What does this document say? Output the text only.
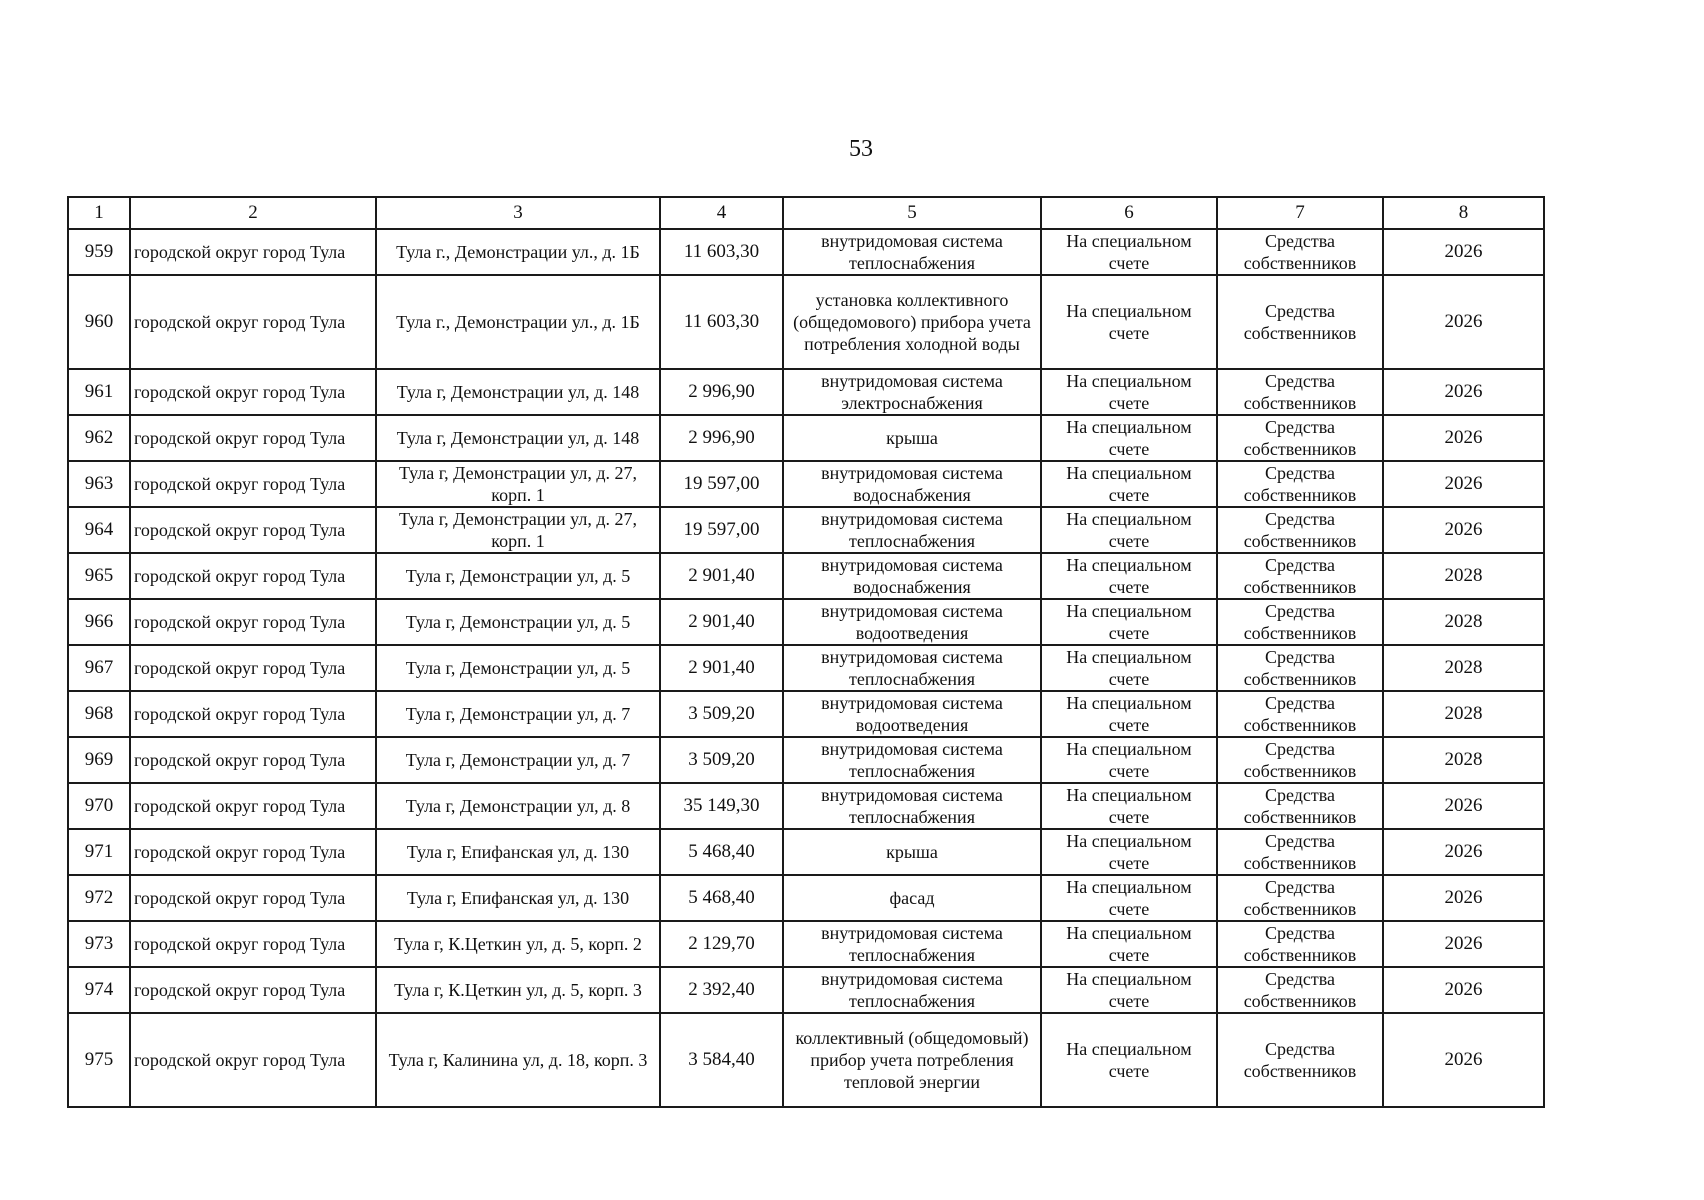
53
1	2	3	4	5	6	7	8
959	городской округ город Тула	Тула г., Демонстрации ул., д. 1Б	11 603,30	внутридомовая система теплоснабжения	На специальном счете	Средства собственников	2026
960	городской округ город Тула	Тула г., Демонстрации ул., д. 1Б	11 603,30	установка коллективного (общедомового) прибора учета потребления холодной воды	На специальном счете	Средства собственников	2026
961	городской округ город Тула	Тула г, Демонстрации ул, д. 148	2 996,90	внутридомовая система электроснабжения	На специальном счете	Средства собственников	2026
962	городской округ город Тула	Тула г, Демонстрации ул, д. 148	2 996,90	крыша	На специальном счете	Средства собственников	2026
963	городской округ город Тула	Тула г, Демонстрации ул, д. 27, корп. 1	19 597,00	внутридомовая система водоснабжения	На специальном счете	Средства собственников	2026
964	городской округ город Тула	Тула г, Демонстрации ул, д. 27, корп. 1	19 597,00	внутридомовая система теплоснабжения	На специальном счете	Средства собственников	2026
965	городской округ город Тула	Тула г, Демонстрации ул, д. 5	2 901,40	внутридомовая система водоснабжения	На специальном счете	Средства собственников	2028
966	городской округ город Тула	Тула г, Демонстрации ул, д. 5	2 901,40	внутридомовая система водоотведения	На специальном счете	Средства собственников	2028
967	городской округ город Тула	Тула г, Демонстрации ул, д. 5	2 901,40	внутридомовая система теплоснабжения	На специальном счете	Средства собственников	2028
968	городской округ город Тула	Тула г, Демонстрации ул, д. 7	3 509,20	внутридомовая система водоотведения	На специальном счете	Средства собственников	2028
969	городской округ город Тула	Тула г, Демонстрации ул, д. 7	3 509,20	внутридомовая система теплоснабжения	На специальном счете	Средства собственников	2028
970	городской округ город Тула	Тула г, Демонстрации ул, д. 8	35 149,30	внутридомовая система теплоснабжения	На специальном счете	Средства собственников	2026
971	городской округ город Тула	Тула г, Епифанская ул, д. 130	5 468,40	крыша	На специальном счете	Средства собственников	2026
972	городской округ город Тула	Тула г, Епифанская ул, д. 130	5 468,40	фасад	На специальном счете	Средства собственников	2026
973	городской округ город Тула	Тула г, К.Цеткин ул, д. 5, корп. 2	2 129,70	внутридомовая система теплоснабжения	На специальном счете	Средства собственников	2026
974	городской округ город Тула	Тула г, К.Цеткин ул, д. 5, корп. 3	2 392,40	внутридомовая система теплоснабжения	На специальном счете	Средства собственников	2026
975	городской округ город Тула	Тула г, Калинина ул, д. 18, корп. 3	3 584,40	коллективный (общедомовый) прибор учета потребления тепловой энергии	На специальном счете	Средства собственников	2026
